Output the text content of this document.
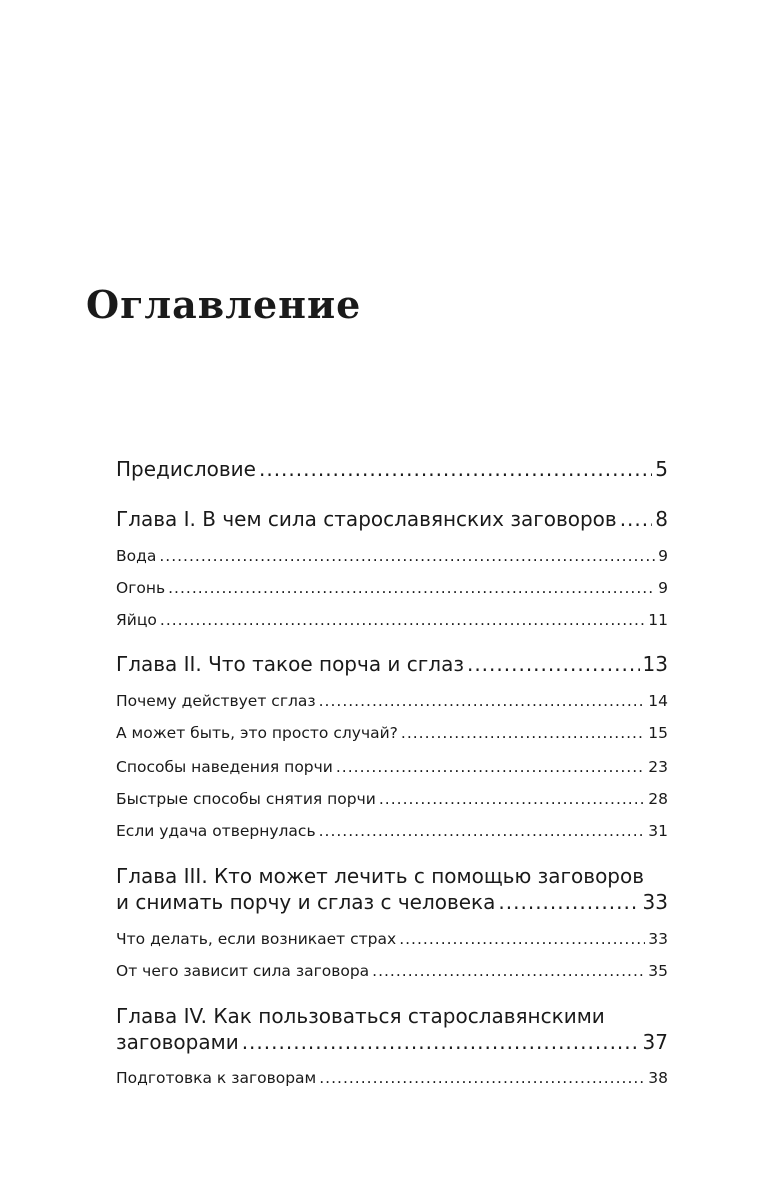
Оглавление
Предисловие .....	5
Глава I. В чем сила старославянских заговоров ..... 8
Вода .....	9
Огонь .....	9
Яйцо .....	11
Глава II. Что такое порча и сглаз .....	13
Почему действует сглаз .....	14
А может быть, это просто случай? .....	15
Способы наведения порчи .....	23
Быстрые способы снятия порчи .....	28
Если удача отвернулась .....	31
Глава III. Кто может лечить с помощью заговоров
и снимать порчу и сглаз с человека .....	33
Что делать, если возникает страх .....	33
От чего зависит сила заговора .....	35
Глава IV. Как пользоваться старославянскими
заговорами .....	37
Подготовка к заговорам .....	38
